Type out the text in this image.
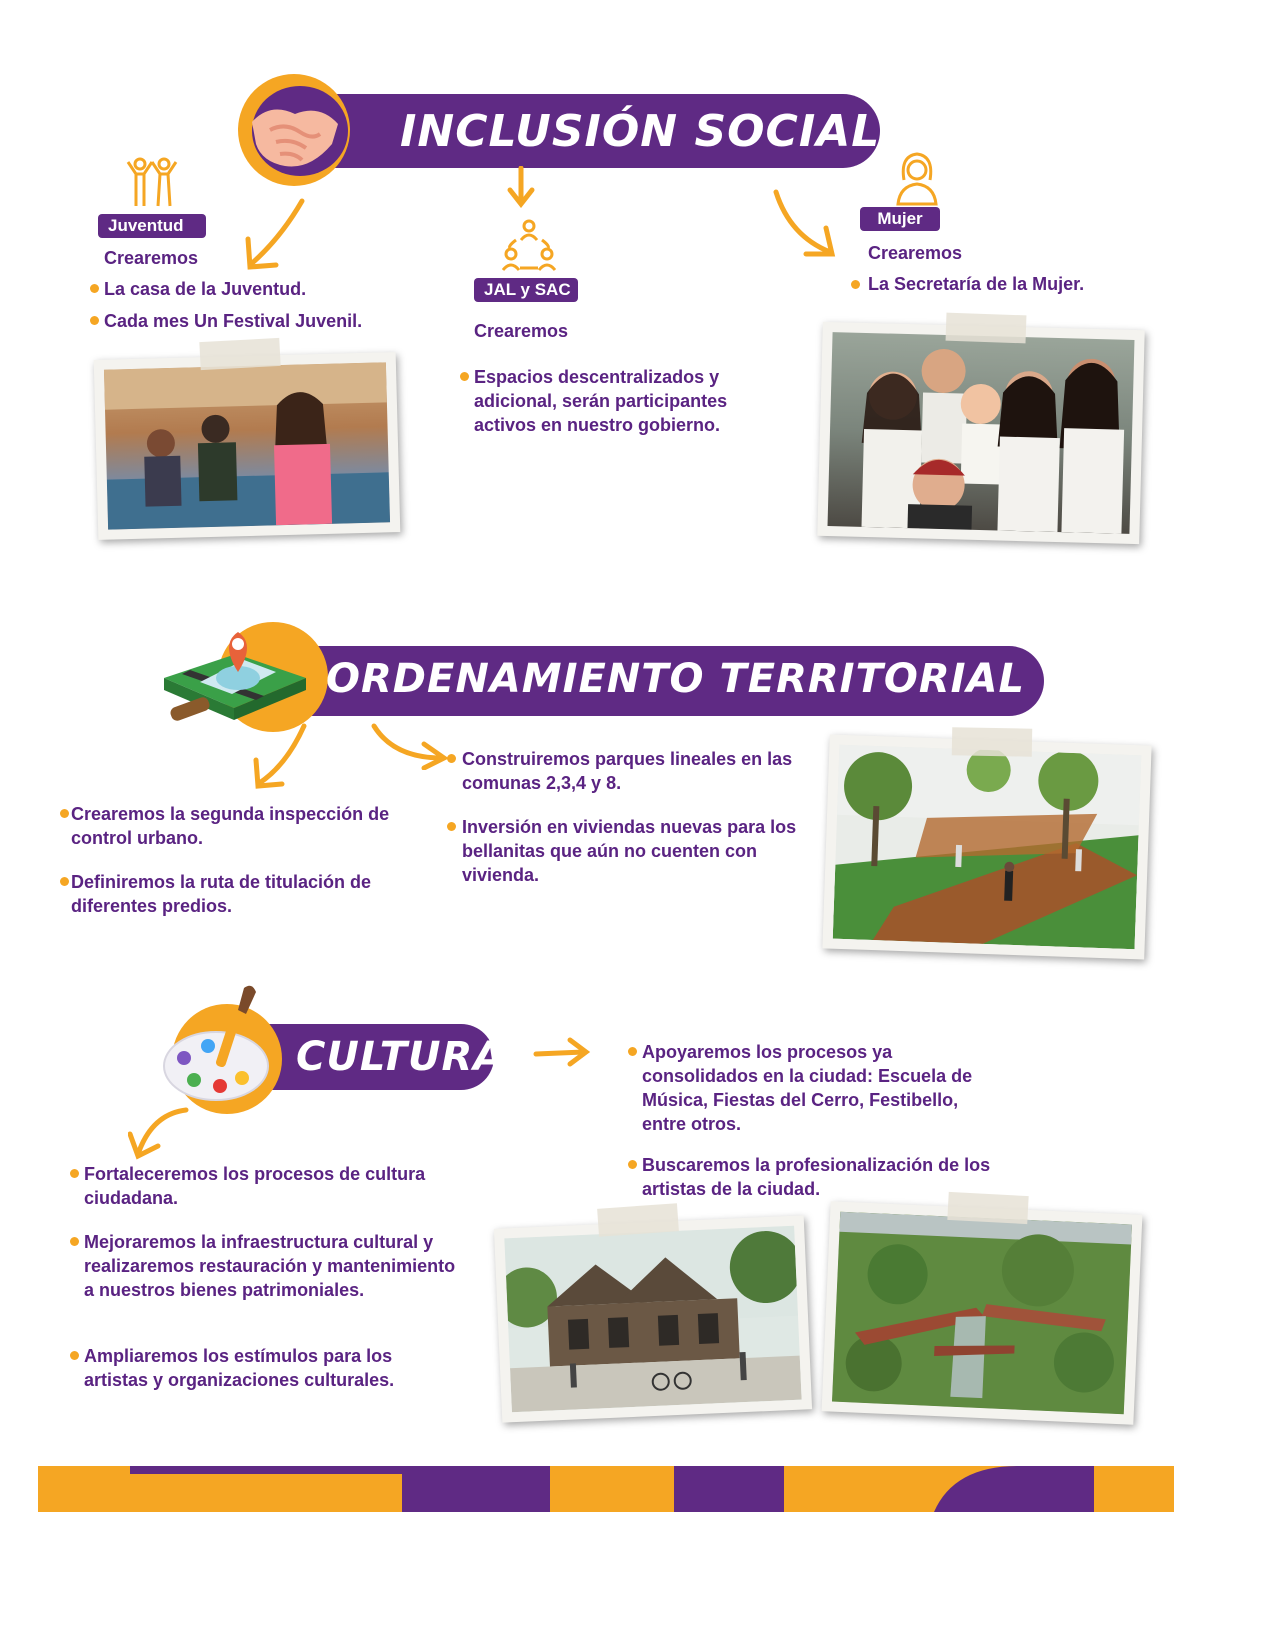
INCLUSIÓN SOCIAL
Juventud
Crearemos
La casa de la Juventud.
Cada mes Un Festival Juvenil.
JAL y SAC
Crearemos
Espacios descentralizados y adicional, serán participantes activos en nuestro gobierno.
Mujer
Crearemos
La Secretaría de la Mujer.
ORDENAMIENTO TERRITORIAL
Crearemos la segunda inspección de control urbano.
Definiremos la ruta de titulación de diferentes predios.
Construiremos parques lineales en las comunas 2,3,4 y 8.
Inversión en viviendas nuevas para los bellanitas que aún no cuenten con vivienda.
CULTURA
Fortaleceremos los procesos de cultura ciudadana.
Mejoraremos la infraestructura cultural y realizaremos restauración y mantenimiento a nuestros bienes patrimoniales.
Ampliaremos los estímulos para los artistas y organizaciones culturales.
Apoyaremos los procesos ya consolidados en la ciudad: Escuela de Música, Fiestas del Cerro, Festibello, entre otros.
Buscaremos la profesionalización de los artistas de la ciudad.
